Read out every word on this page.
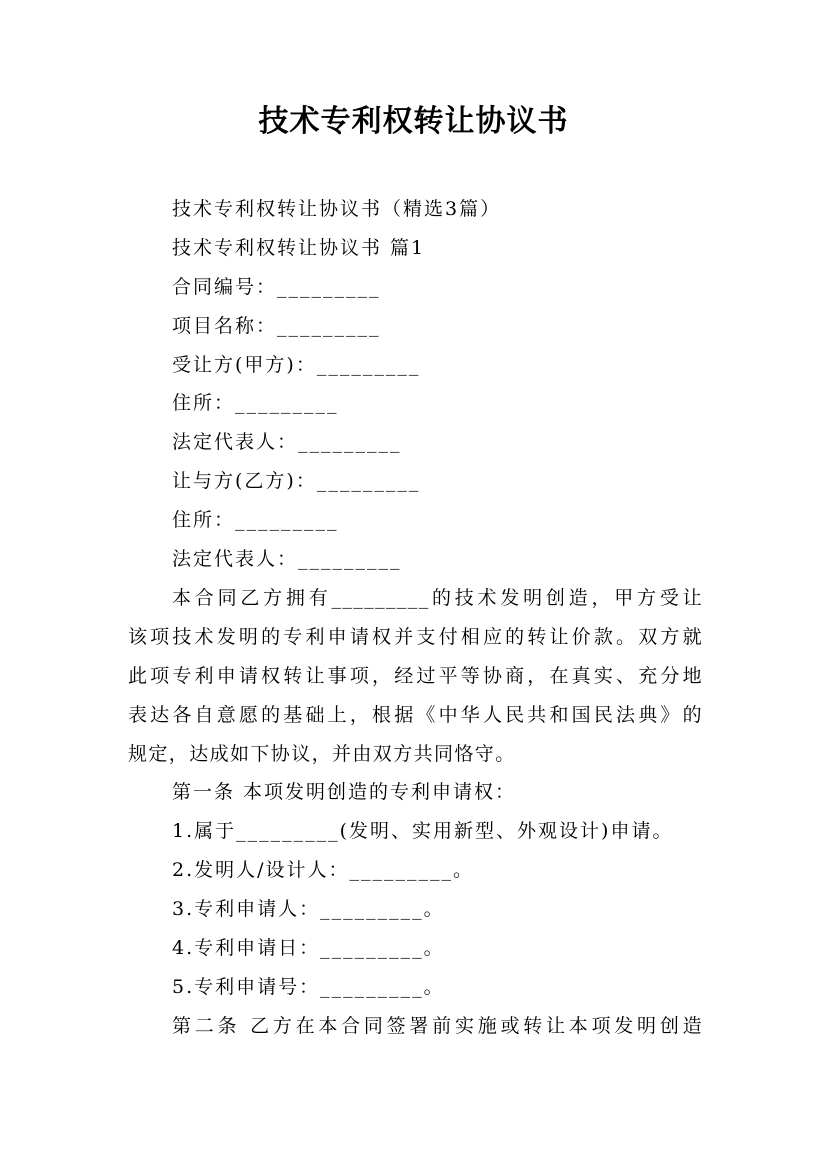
技术专利权转让协议书
技术专利权转让协议书（精选3篇）
技术专利权转让协议书 篇1
合同编号：_________
项目名称：_________
受让方(甲方)：_________
住所：_________
法定代表人：_________
让与方(乙方)：_________
住所：_________
法定代表人：_________
本合同乙方拥有_________的技术发明创造，甲方受让
该项技术发明的专利申请权并支付相应的转让价款。双方就
此项专利申请权转让事项，经过平等协商，在真实、充分地
表达各自意愿的基础上，根据《中华人民共和国民法典》的
规定，达成如下协议，并由双方共同恪守。
第一条 本项发明创造的专利申请权：
1.属于_________(发明、实用新型、外观设计)申请。
2.发明人/设计人：_________。
3.专利申请人：_________。
4.专利申请日：_________。
5.专利申请号：_________。
第二条 乙方在本合同签署前实施或转让本项发明创造
